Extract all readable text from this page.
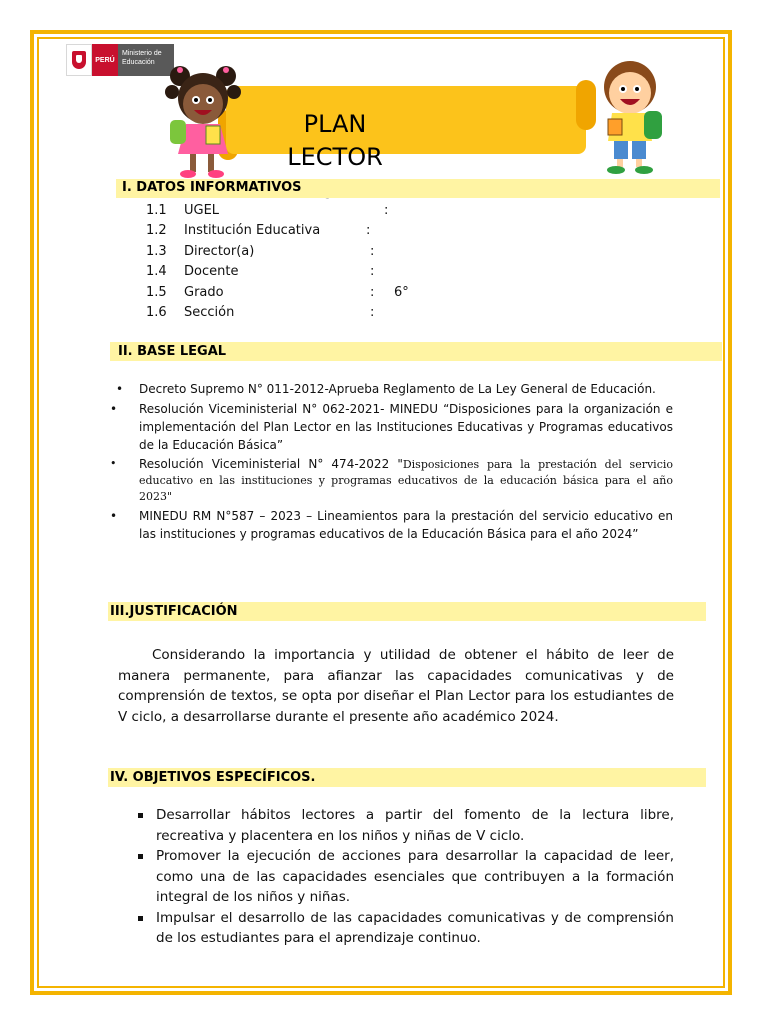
PERÚ
Ministerio de Educación
PLAN
LECTOR
I. DATOS INFORMATIVOS
1.1 UGEL	:
1.2 Institución Educativa	:
1.3 Director(a)	:
1.4 Docente	:
1.5 Grado	: 6°
1.6 Sección	:
II. BASE LEGAL
• Decreto Supremo N° 011-2012-Aprueba Reglamento de La Ley General de Educación.
• Resolución Viceministerial N° 062-2021- MINEDU “Disposiciones para la organización e implementación del Plan Lector en las Instituciones Educativas y Programas educativos de la Educación Básica”
• Resolución Viceministerial N° 474-2022 "Disposiciones para la prestación del servicio educativo en las instituciones y programas educativos de la educación básica para el año 2023"
• MINEDU RM N°587 – 2023 – Lineamientos para la prestación del servicio educativo en las instituciones y programas educativos de la Educación Básica para el año 2024”
III.JUSTIFICACIÓN

Considerando la importancia y utilidad de obtener el hábito de leer de manera permanente, para afianzar las capacidades comunicativas y de comprensión de textos, se opta por diseñar el Plan Lector para los estudiantes de V ciclo, a desarrollarse durante el presente año académico 2024.

IV. OBJETIVOS ESPECÍFICOS.
Desarrollar hábitos lectores a partir del fomento de la lectura libre, recreativa y placentera en los niños y niñas de V ciclo.
Promover la ejecución de acciones para desarrollar la capacidad de leer, como una de las capacidades esenciales que contribuyen a la formación integral de los niños y niñas.
Impulsar el desarrollo de las capacidades comunicativas y de comprensión de los estudiantes para el aprendizaje continuo.
